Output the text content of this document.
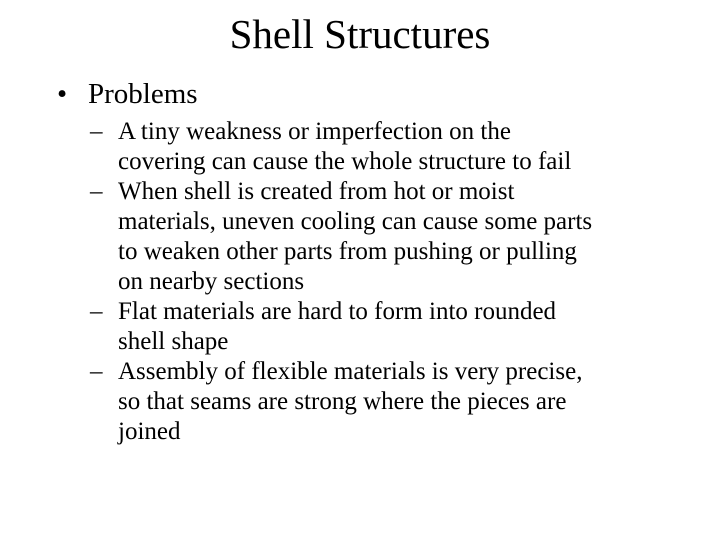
Shell Structures
• Problems
– A tiny weakness or imperfection on the
covering can cause the whole structure to fail
– When shell is created from hot or moist
materials, uneven cooling can cause some parts
to weaken other parts from pushing or pulling
on nearby sections
– Flat materials are hard to form into rounded
shell shape
– Assembly of flexible materials is very precise,
so that seams are strong where the pieces are
joined
